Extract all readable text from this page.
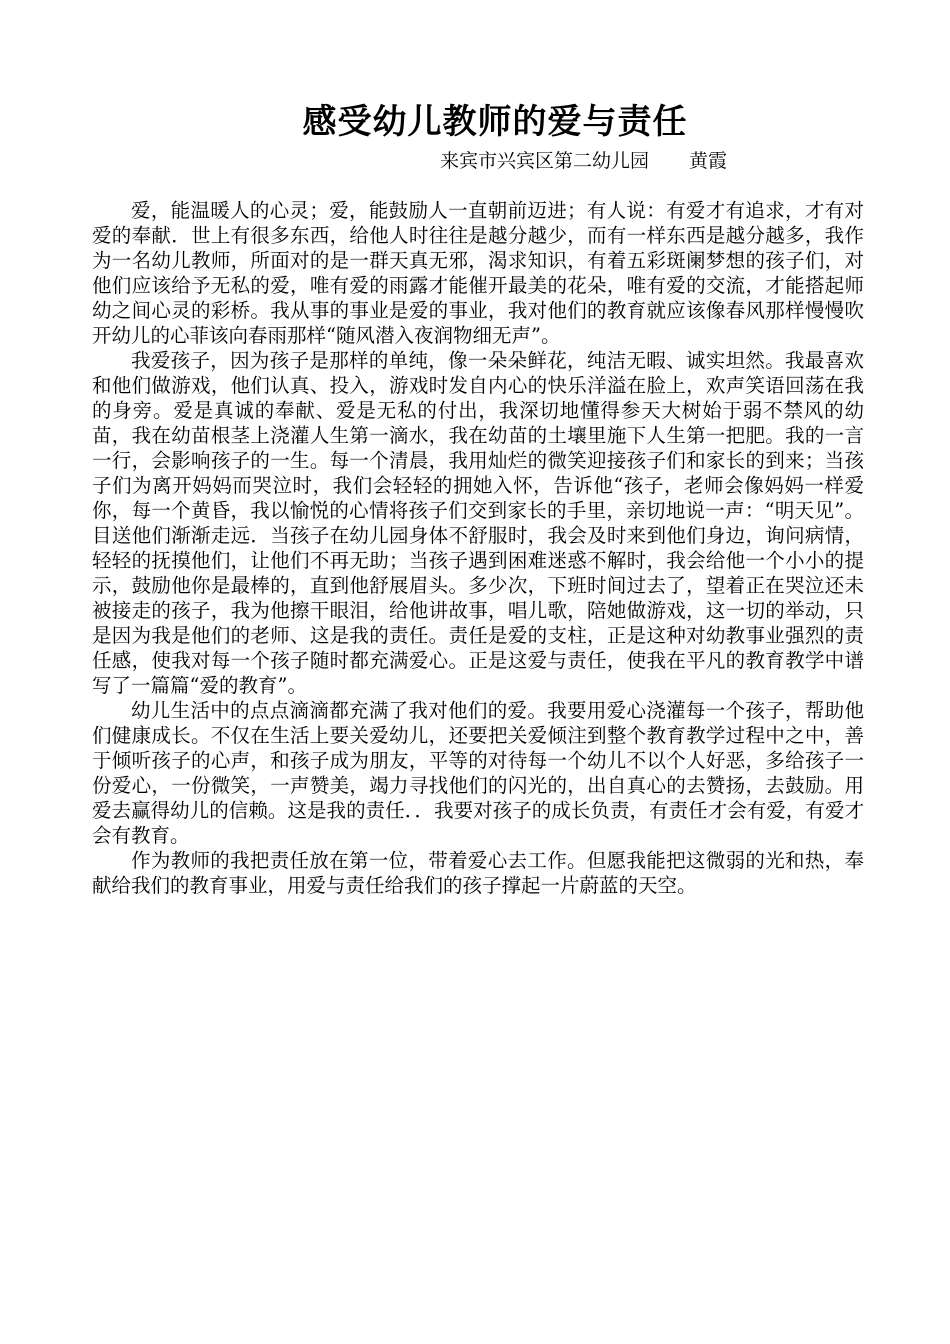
感受幼儿教师的爱与责任
来宾市兴宾区第二幼儿园 黄霞

爱，能温暖人的心灵；爱，能鼓励人一直朝前迈进；有人说：有爱才有追求，才有对爱的奉献．世上有很多东西，给他人时往往是越分越少，而有一样东西是越分越多，我作为一名幼儿教师，所面对的是一群天真无邪，渴求知识，有着五彩斑阑梦想的孩子们，对他们应该给予无私的爱，唯有爱的雨露才能催开最美的花朵，唯有爱的交流，才能搭起师幼之间心灵的彩桥。我从事的事业是爱的事业，我对他们的教育就应该像春风那样慢慢吹开幼儿的心菲该向春雨那样“随风潜入夜润物细无声”。

我爱孩子，因为孩子是那样的单纯，像一朵朵鲜花，纯洁无暇、诚实坦然。我最喜欢和他们做游戏，他们认真、投入，游戏时发自内心的快乐洋溢在脸上，欢声笑语回荡在我的身旁。爱是真诚的奉献、爱是无私的付出，我深切地懂得参天大树始于弱不禁风的幼苗，我在幼苗根茎上浇灌人生第一滴水，我在幼苗的土壤里施下人生第一把肥。我的一言一行，会影响孩子的一生。每一个清晨，我用灿烂的微笑迎接孩子们和家长的到来；当孩子们为离开妈妈而哭泣时，我们会轻轻的拥她入怀，告诉他“孩子，老师会像妈妈一样爱你，每一个黄昏，我以愉悦的心情将孩子们交到家长的手里，亲切地说一声：“明天见”。目送他们渐渐走远．当孩子在幼儿园身体不舒服时，我会及时来到他们身边，询问病情，轻轻的抚摸他们，让他们不再无助；当孩子遇到困难迷惑不解时，我会给他一个小小的提示，鼓励他你是最棒的，直到他舒展眉头。多少次，下班时间过去了，望着正在哭泣还未被接走的孩子，我为他擦干眼泪，给他讲故事，唱儿歌，陪她做游戏，这一切的举动，只是因为我是他们的老师、这是我的责任。责任是爱的支柱，正是这种对幼教事业强烈的责任感，使我对每一个孩子随时都充满爱心。正是这爱与责任，使我在平凡的教育教学中谱写了一篇篇“爱的教育”。

幼儿生活中的点点滴滴都充满了我对他们的爱。我要用爱心浇灌每一个孩子，帮助他们健康成长。不仅在生活上要关爱幼儿，还要把关爱倾注到整个教育教学过程中之中，善于倾听孩子的心声，和孩子成为朋友，平等的对待每一个幼儿不以个人好恶，多给孩子一份爱心，一份微笑，一声赞美，竭力寻找他们的闪光的，出自真心的去赞扬，去鼓励。用爱去赢得幼儿的信赖。这是我的责任．．我要对孩子的成长负责，有责任才会有爱，有爱才会有教育。

作为教师的我把责任放在第一位，带着爱心去工作。但愿我能把这微弱的光和热，奉献给我们的教育事业，用爱与责任给我们的孩子撑起一片蔚蓝的天空。
